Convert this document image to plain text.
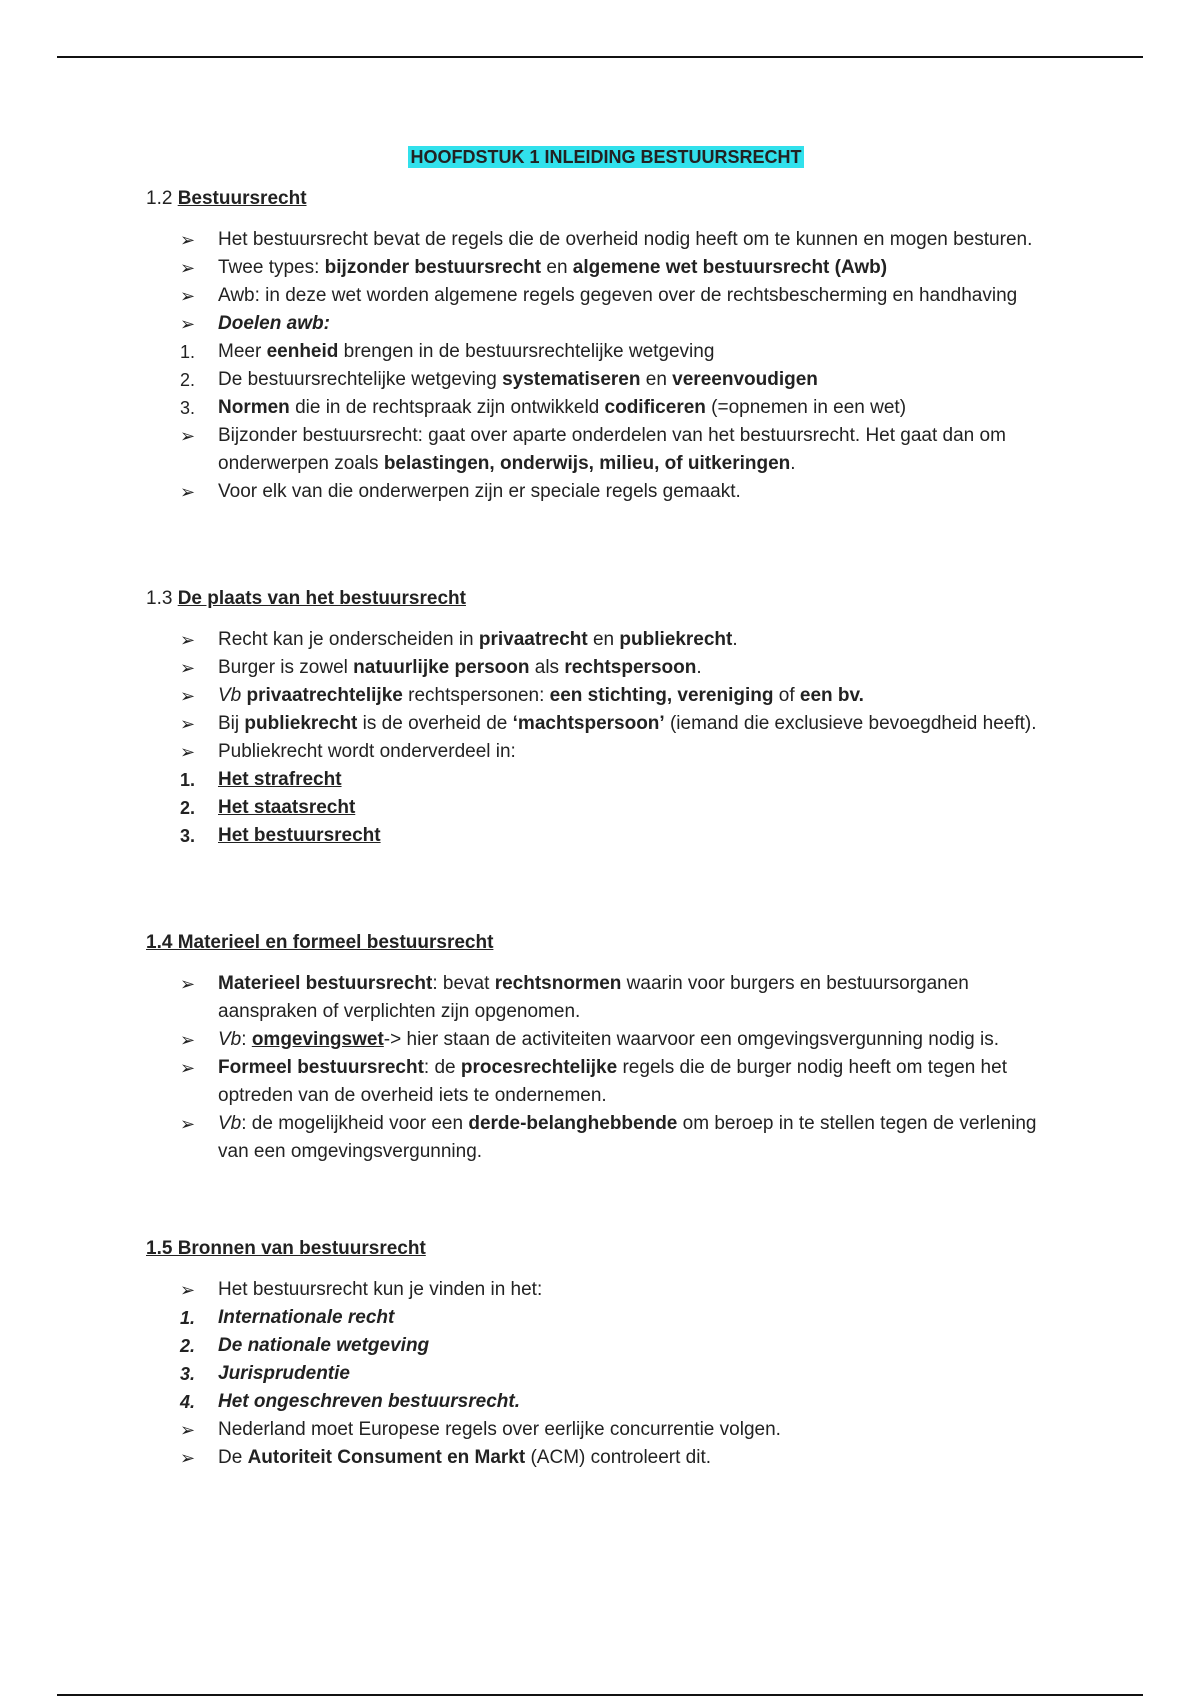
HOOFDSTUK 1 INLEIDING BESTUURSRECHT
1.2 Bestuursrecht
➢	Het bestuursrecht bevat de regels die de overheid nodig heeft om te kunnen en mogen besturen.
➢	Twee types: bijzonder bestuursrecht en algemene wet bestuursrecht (Awb)
➢	Awb: in deze wet worden algemene regels gegeven over de rechtsbescherming en handhaving
➢	Doelen awb:
1.	Meer eenheid brengen in de bestuursrechtelijke wetgeving
2.	De bestuursrechtelijke wetgeving systematiseren en vereenvoudigen
3.	Normen die in de rechtspraak zijn ontwikkeld codificeren (=opnemen in een wet)
➢	Bijzonder bestuursrecht: gaat over aparte onderdelen van het bestuursrecht. Het gaat dan om onderwerpen zoals belastingen, onderwijs, milieu, of uitkeringen.
➢	Voor elk van die onderwerpen zijn er speciale regels gemaakt.
1.3 De plaats van het bestuursrecht
➢	Recht kan je onderscheiden in privaatrecht en publiekrecht.
➢	Burger is zowel natuurlijke persoon als rechtspersoon.
➢	Vb privaatrechtelijke rechtspersonen: een stichting, vereniging of een bv.
➢	Bij publiekrecht is de overheid de ‘machtspersoon’ (iemand die exclusieve bevoegdheid heeft).
➢	Publiekrecht wordt onderverdeel in:
1.	Het strafrecht
2.	Het staatsrecht
3.	Het bestuursrecht
1.4 Materieel en formeel bestuursrecht
➢	Materieel bestuursrecht: bevat rechtsnormen waarin voor burgers en bestuursorganen aanspraken of verplichten zijn opgenomen.
➢	Vb: omgevingswet-> hier staan de activiteiten waarvoor een omgevingsvergunning nodig is.
➢	Formeel bestuursrecht: de procesrechtelijke regels die de burger nodig heeft om tegen het optreden van de overheid iets te ondernemen.
➢	Vb: de mogelijkheid voor een derde-belanghebbende om beroep in te stellen tegen de verlening van een omgevingsvergunning.
1.5 Bronnen van bestuursrecht
➢	Het bestuursrecht kun je vinden in het:
1.	Internationale recht
2.	De nationale wetgeving
3.	Jurisprudentie
4.	Het ongeschreven bestuursrecht.
➢	Nederland moet Europese regels over eerlijke concurrentie volgen.
➢	De Autoriteit Consument en Markt (ACM) controleert dit.
